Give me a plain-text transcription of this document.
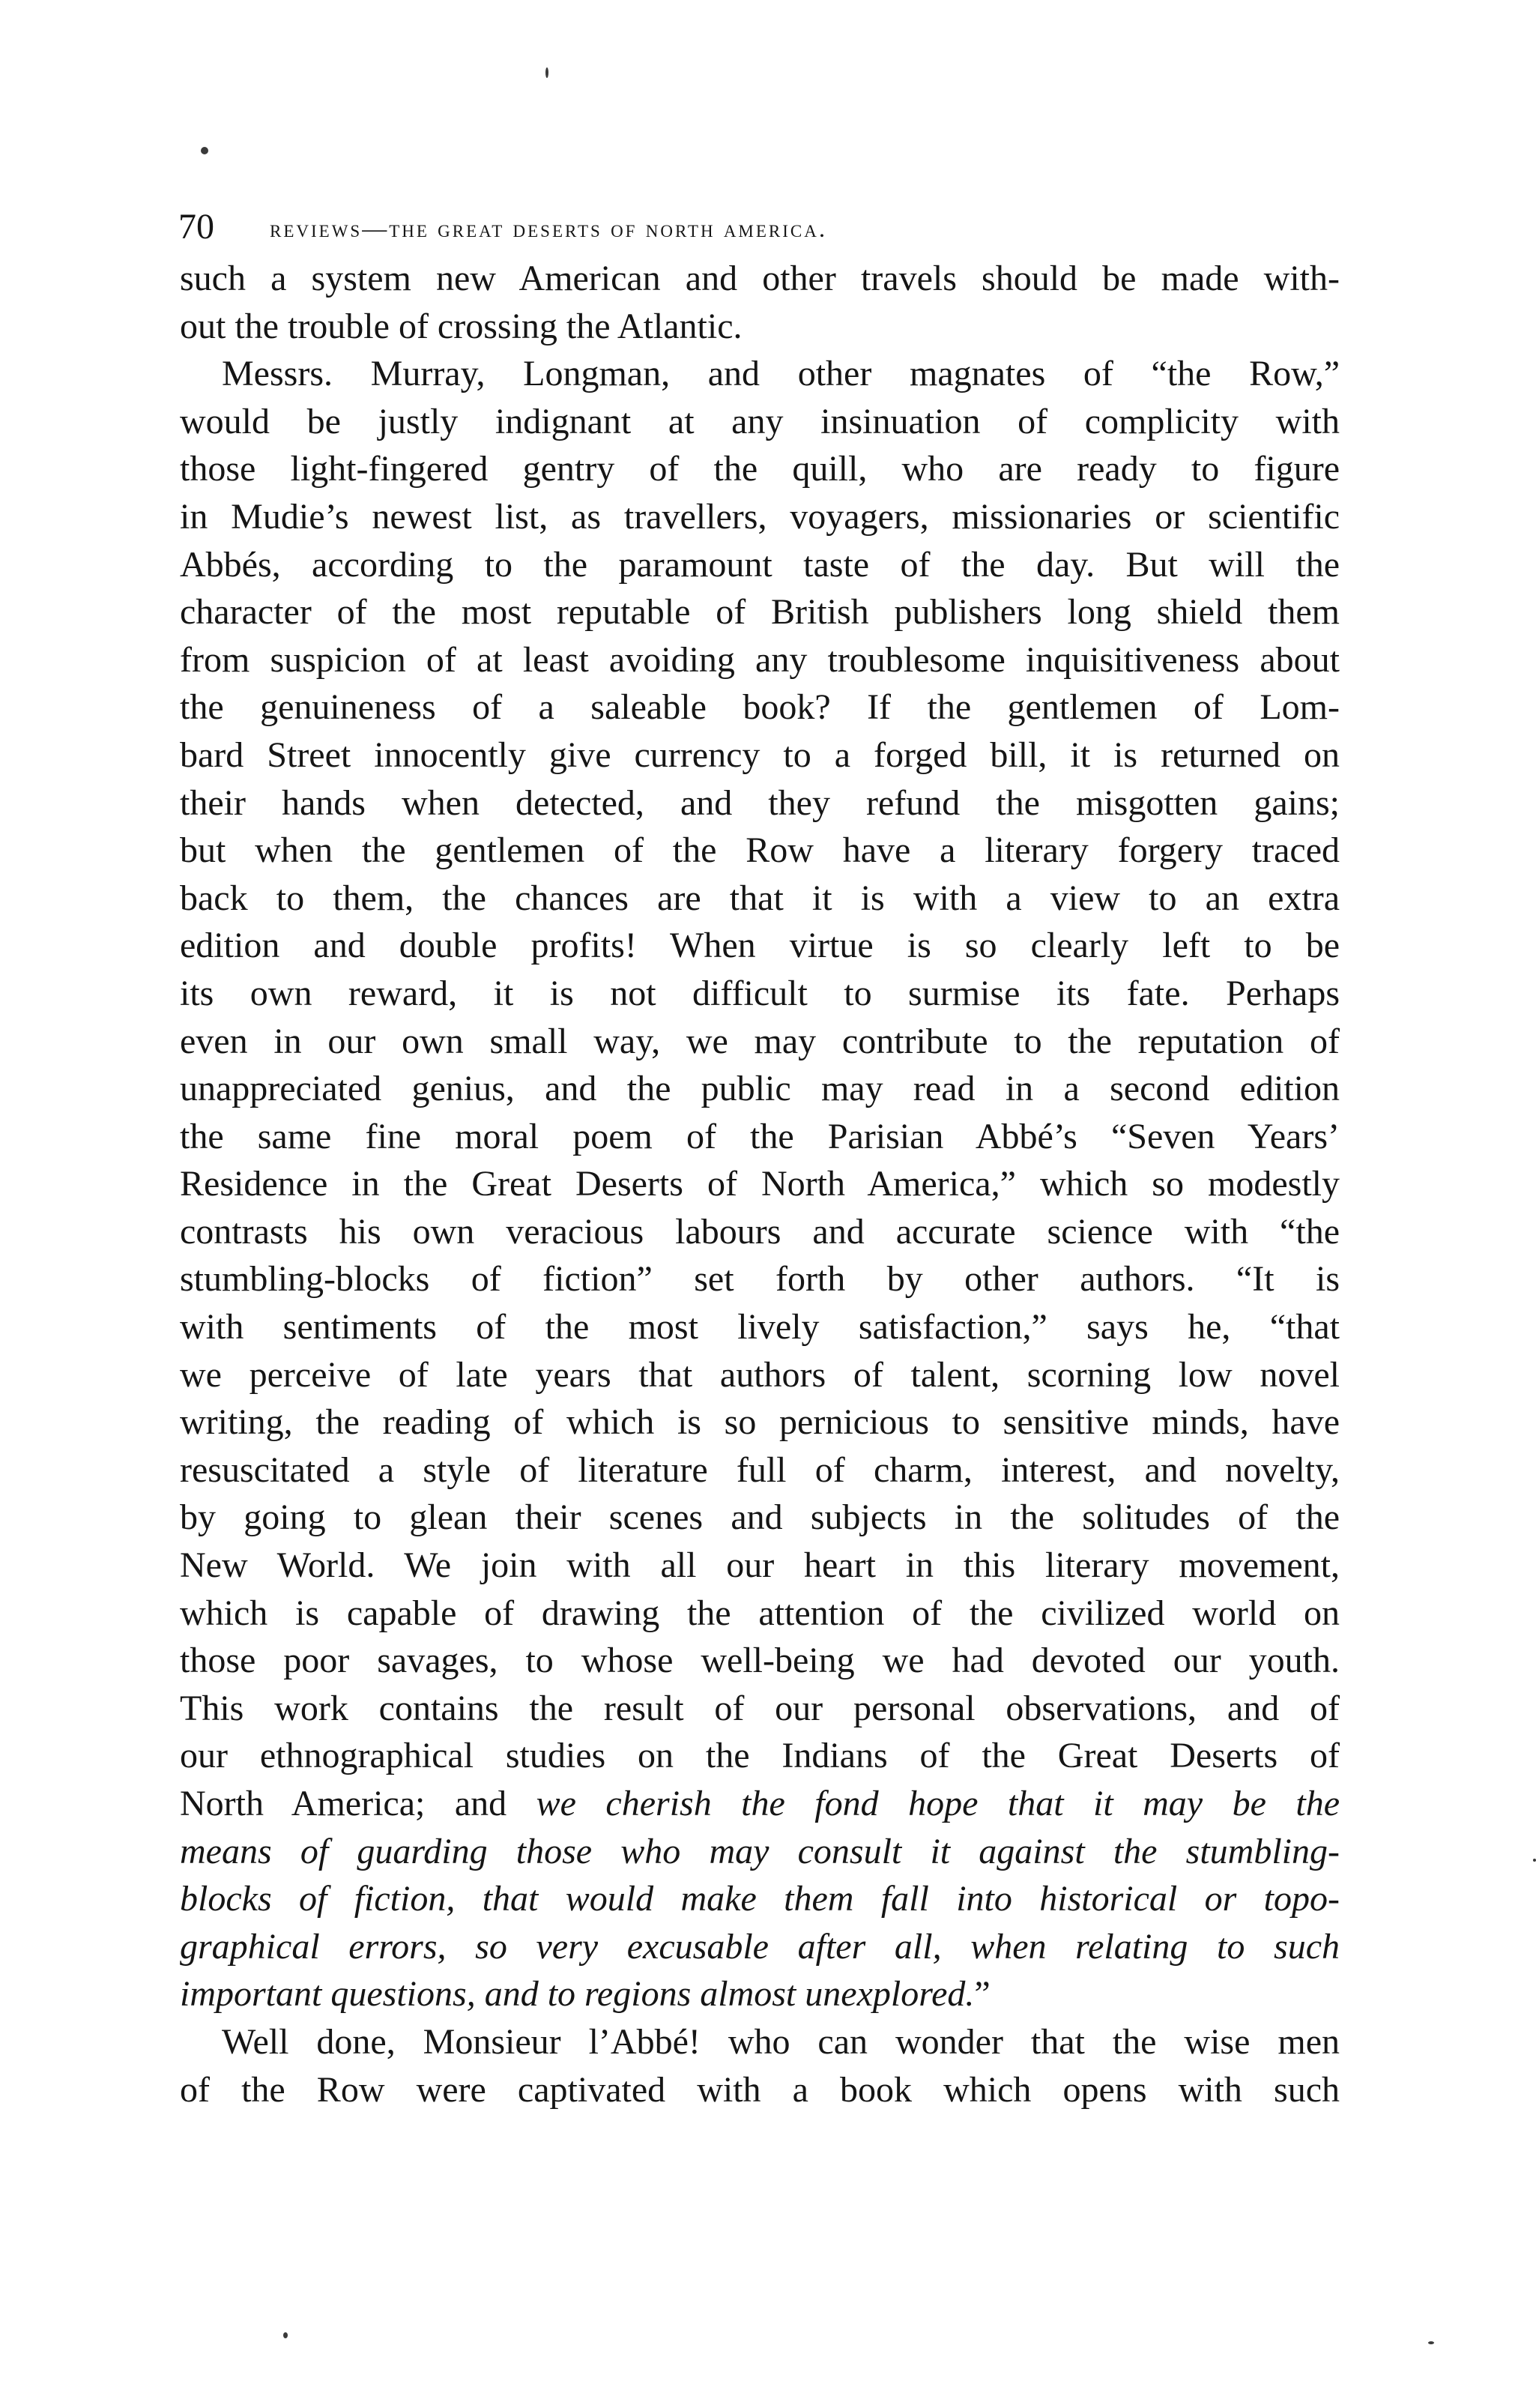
70 reviews—the great deserts of north america.
such a system new American and other travels should be made with-
out the trouble of crossing the Atlantic.
Messrs. Murray, Longman, and other magnates of “the Row,”
would be justly indignant at any insinuation of complicity with
those light-fingered gentry of the quill, who are ready to figure
in Mudie’s newest list, as travellers, voyagers, missionaries or scientific
Abbés, according to the paramount taste of the day. But will the
character of the most reputable of British publishers long shield them
from suspicion of at least avoiding any troublesome inquisitiveness about
the genuineness of a saleable book? If the gentlemen of Lom-
bard Street innocently give currency to a forged bill, it is returned on
their hands when detected, and they refund the misgotten gains;
but when the gentlemen of the Row have a literary forgery traced
back to them, the chances are that it is with a view to an extra
edition and double profits! When virtue is so clearly left to be
its own reward, it is not difficult to surmise its fate. Perhaps
even in our own small way, we may contribute to the reputation of
unappreciated genius, and the public may read in a second edition
the same fine moral poem of the Parisian Abbé’s “Seven Years’
Residence in the Great Deserts of North America,” which so modestly
contrasts his own veracious labours and accurate science with “the
stumbling-blocks of fiction” set forth by other authors. “It is
with sentiments of the most lively satisfaction,” says he, “that
we perceive of late years that authors of talent, scorning low novel
writing, the reading of which is so pernicious to sensitive minds, have
resuscitated a style of literature full of charm, interest, and novelty,
by going to glean their scenes and subjects in the solitudes of the
New World. We join with all our heart in this literary movement,
which is capable of drawing the attention of the civilized world on
those poor savages, to whose well-being we had devoted our youth.
This work contains the result of our personal observations, and of
our ethnographical studies on the Indians of the Great Deserts of
North America; and we cherish the fond hope that it may be the
means of guarding those who may consult it against the stumbling-
blocks of fiction, that would make them fall into historical or topo-
graphical errors, so very excusable after all, when relating to such
important questions, and to regions almost unexplored.”
Well done, Monsieur l’Abbé! who can wonder that the wise men
of the Row were captivated with a book which opens with such
